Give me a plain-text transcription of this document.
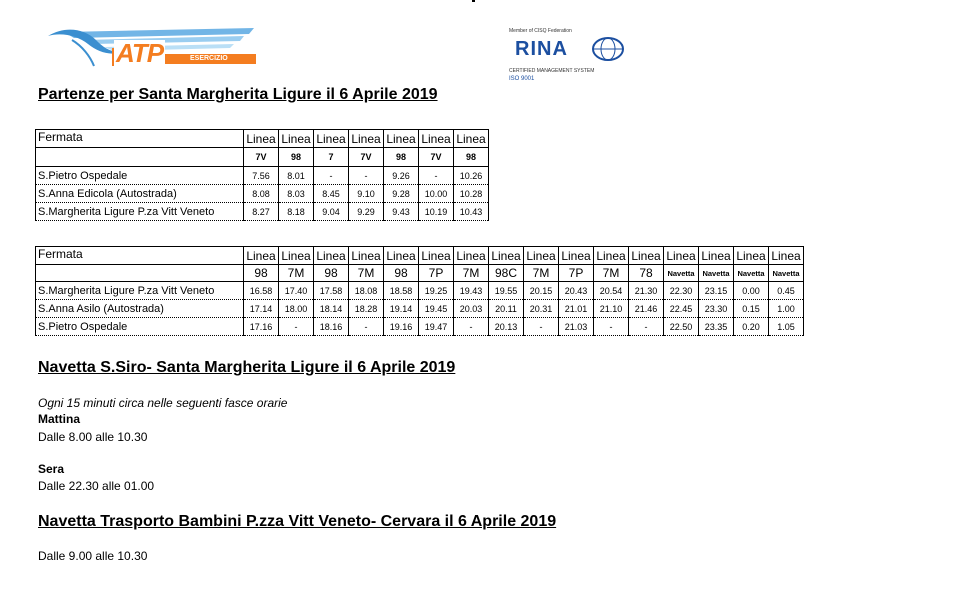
ATP	ESERCIZIO
Member of CISQ Federation
RINA
CERTIFIED MANAGEMENT SYSTEM
ISO 9001
Partenze per Santa Margherita Ligure il 6 Aprile 2019
Fermata	Linea	Linea	Linea	Linea	Linea	Linea	Linea
	7V	98	7	7V	98	7V	98
S.Pietro Ospedale	7.56	8.01	-	-	9.26	-	10.26
S.Anna Edicola (Autostrada)	8.08	8.03	8.45	9.10	9.28	10.00	10.28
S.Margherita Ligure P.za Vitt Veneto	8.27	8.18	9.04	9.29	9.43	10.19	10.43
Fermata	Linea	Linea	Linea	Linea	Linea	Linea	Linea	Linea	Linea	Linea	Linea	Linea	Linea	Linea	Linea	Linea
	98	7M	98	7M	98	7P	7M	98C	7M	7P	7M	78	Navetta	Navetta	Navetta	Navetta
S.Margherita Ligure P.za Vitt Veneto	16.58	17.40	17.58	18.08	18.58	19.25	19.43	19.55	20.15	20.43	20.54	21.30	22.30	23.15	0.00	0.45
S.Anna Asilo (Autostrada)	17.14	18.00	18.14	18.28	19.14	19.45	20.03	20.11	20.31	21.01	21.10	21.46	22.45	23.30	0.15	1.00
S.Pietro Ospedale	17.16	-	18.16	-	19.16	19.47	-	20.13	-	21.03	-	-	22.50	23.35	0.20	1.05
Navetta S.Siro- Santa Margherita Ligure il 6 Aprile 2019
Ogni 15 minuti circa nelle seguenti fasce orarie
Mattina
Dalle 8.00 alle 10.30
Sera
Dalle 22.30 alle 01.00
Navetta Trasporto Bambini P.zza Vitt Veneto- Cervara il 6 Aprile 2019
Dalle 9.00 alle 10.30
